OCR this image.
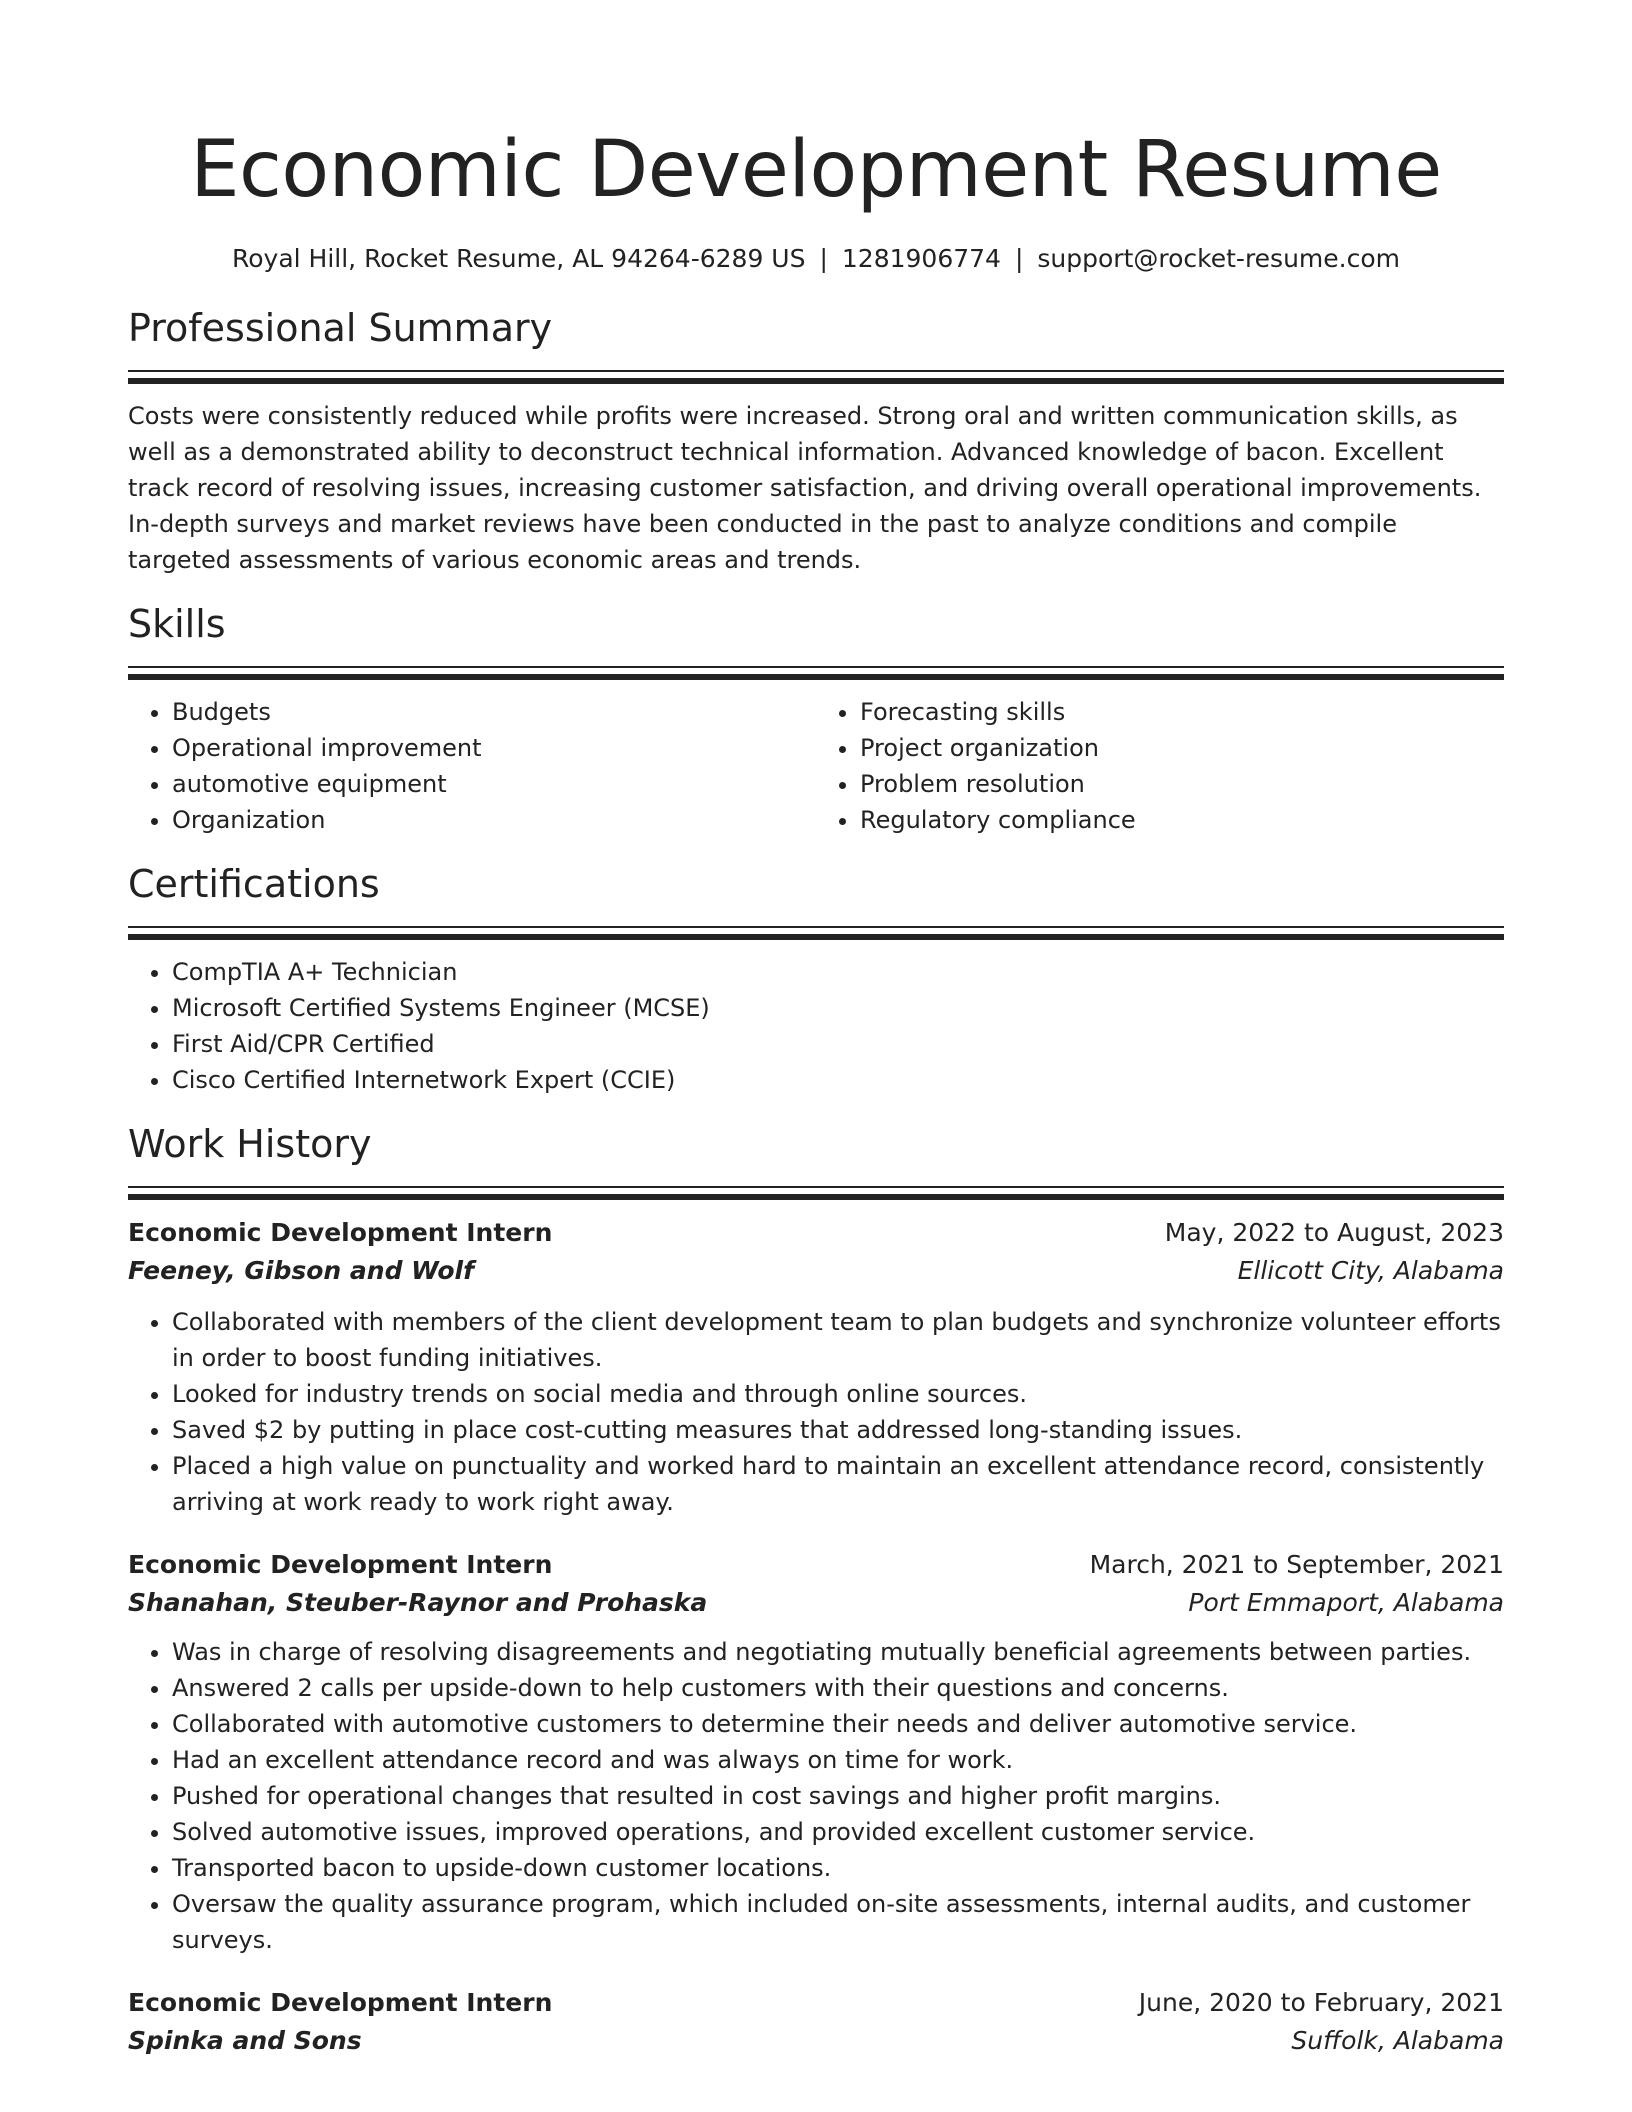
Economic Development Resume
Royal Hill, Rocket Resume, AL 94264-6289 US | 1281906774 | support@rocket-resume.com
Professional Summary
Costs were consistently reduced while profits were increased. Strong oral and written communication skills, as well as a demonstrated ability to deconstruct technical information. Advanced knowledge of bacon. Excellent track record of resolving issues, increasing customer satisfaction, and driving overall operational improvements. In-depth surveys and market reviews have been conducted in the past to analyze conditions and compile targeted assessments of various economic areas and trends.
Skills
• Budgets
• Operational improvement
• automotive equipment
• Organization
• Forecasting skills
• Project organization
• Problem resolution
• Regulatory compliance
Certifications
• CompTIA A+ Technician
• Microsoft Certified Systems Engineer (MCSE)
• First Aid/CPR Certified
• Cisco Certified Internetwork Expert (CCIE)
Work History
Economic Development Intern	May, 2022 to August, 2023
Feeney, Gibson and Wolf	Ellicott City, Alabama
• Collaborated with members of the client development team to plan budgets and synchronize volunteer efforts in order to boost funding initiatives.
• Looked for industry trends on social media and through online sources.
• Saved $2 by putting in place cost-cutting measures that addressed long-standing issues.
• Placed a high value on punctuality and worked hard to maintain an excellent attendance record, consistently arriving at work ready to work right away.
Economic Development Intern	March, 2021 to September, 2021
Shanahan, Steuber-Raynor and Prohaska	Port Emmaport, Alabama
• Was in charge of resolving disagreements and negotiating mutually beneficial agreements between parties.
• Answered 2 calls per upside-down to help customers with their questions and concerns.
• Collaborated with automotive customers to determine their needs and deliver automotive service.
• Had an excellent attendance record and was always on time for work.
• Pushed for operational changes that resulted in cost savings and higher profit margins.
• Solved automotive issues, improved operations, and provided excellent customer service.
• Transported bacon to upside-down customer locations.
• Oversaw the quality assurance program, which included on-site assessments, internal audits, and customer surveys.
Economic Development Intern	June, 2020 to February, 2021
Spinka and Sons	Suffolk, Alabama
